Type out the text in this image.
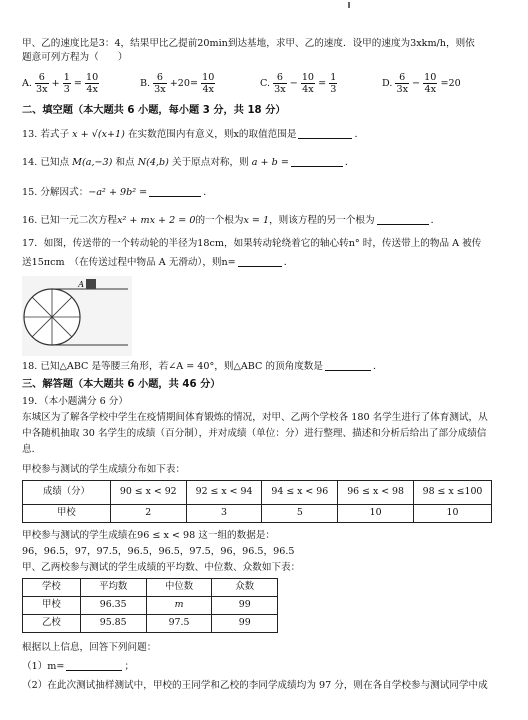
甲、乙的速度比是3：4，结果甲比乙提前20min到达基地，求甲、乙的速度．设甲的速度为3xkm/h，则依
题意可列方程为（　　）
A. $\frac{6}{3x} + \frac{1}{3} = \frac{10}{4x}$	B. $\frac{6}{3x} +20= \frac{10}{4x}$	C. $\frac{6}{3x} - \frac{10}{4x} = \frac{1}{3}$	D. $\frac{6}{3x} - \frac{10}{4x} =20$
二、填空题（本大题共 6 小题，每小题 3 分，共 18 分）
13. 若式子 x + √(x+1) 在实数范围内有意义，则x的取值范围是	．
14. 已知点 M(a,−3) 和点 N(4,b) 关于原点对称，则 a + b =	．
15. 分解因式：−a² + 9b² =	．
16. 已知一元二次方程x² + mx + 2 = 0的一个根为x = 1，则该方程的另一个根为	．
17．如图，传送带的一个转动轮的半径为18cm，如果转动轮绕着它的轴心转n° 时，传送带上的物品 A 被传
送15πcm　（在传送过程中物品 A 无滑动），则n=	．
A
18. 已知△ABC 是等腰三角形，若∠A = 40°，则△ABC 的顶角度数是	．
三、解答题（本大题共 6 小题，共 46 分）
19．（本小题满分 6 分）
东城区为了解各学校中学生在疫情期间体育锻炼的情况，对甲、乙两个学校各 180 名学生进行了体育测试，从
中各随机抽取 30 名学生的成绩（百分制），并对成绩（单位：分）进行整理、描述和分析后给出了部分成绩信
息．
甲校参与测试的学生成绩分布如下表：
成绩（分）	90 ≤ x < 92	92 ≤ x < 94	94 ≤ x < 96	96 ≤ x < 98	98 ≤ x ≤100
甲校	2	3	5	10	10
甲校参与测试的学生成绩在96 ≤ x < 98 这一组的数据是：
96，96.5，97，97.5，96.5，96.5，97.5，96，96.5，96.5
甲、乙两校参与测试的学生成绩的平均数、中位数、众数如下表：
学校	平均数	中位数	众数
甲校	96.35	m	99
乙校	95.85	97.5	99
根据以上信息，回答下列问题：
（1）m=	；
（2）在此次测试抽样测试中，甲校的王同学和乙校的李同学成绩均为 97 分，则在各自学校参与测试同学中成
